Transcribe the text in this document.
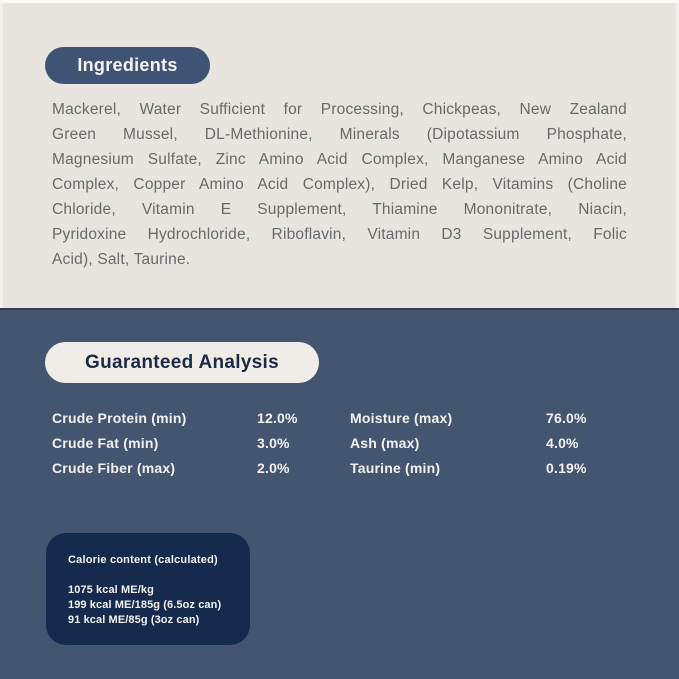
Ingredients
Mackerel, Water Sufficient for Processing, Chickpeas, New Zealand
Green Mussel, DL-Methionine, Minerals (Dipotassium Phosphate,
Magnesium Sulfate, Zinc Amino Acid Complex, Manganese Amino Acid
Complex, Copper Amino Acid Complex), Dried Kelp, Vitamins (Choline
Chloride, Vitamin E Supplement, Thiamine Mononitrate, Niacin,
Pyridoxine Hydrochloride, Riboflavin, Vitamin D3 Supplement, Folic
Acid), Salt, Taurine.
Guaranteed Analysis
Crude Protein (min)	12.0%	Moisture (max)	76.0%
Crude Fat (min)	3.0%	Ash (max)	4.0%
Crude Fiber (max)	2.0%	Taurine (min)	0.19%
Calorie content (calculated)
1075 kcal ME/kg
199 kcal ME/185g (6.5oz can)
91 kcal ME/85g (3oz can)
